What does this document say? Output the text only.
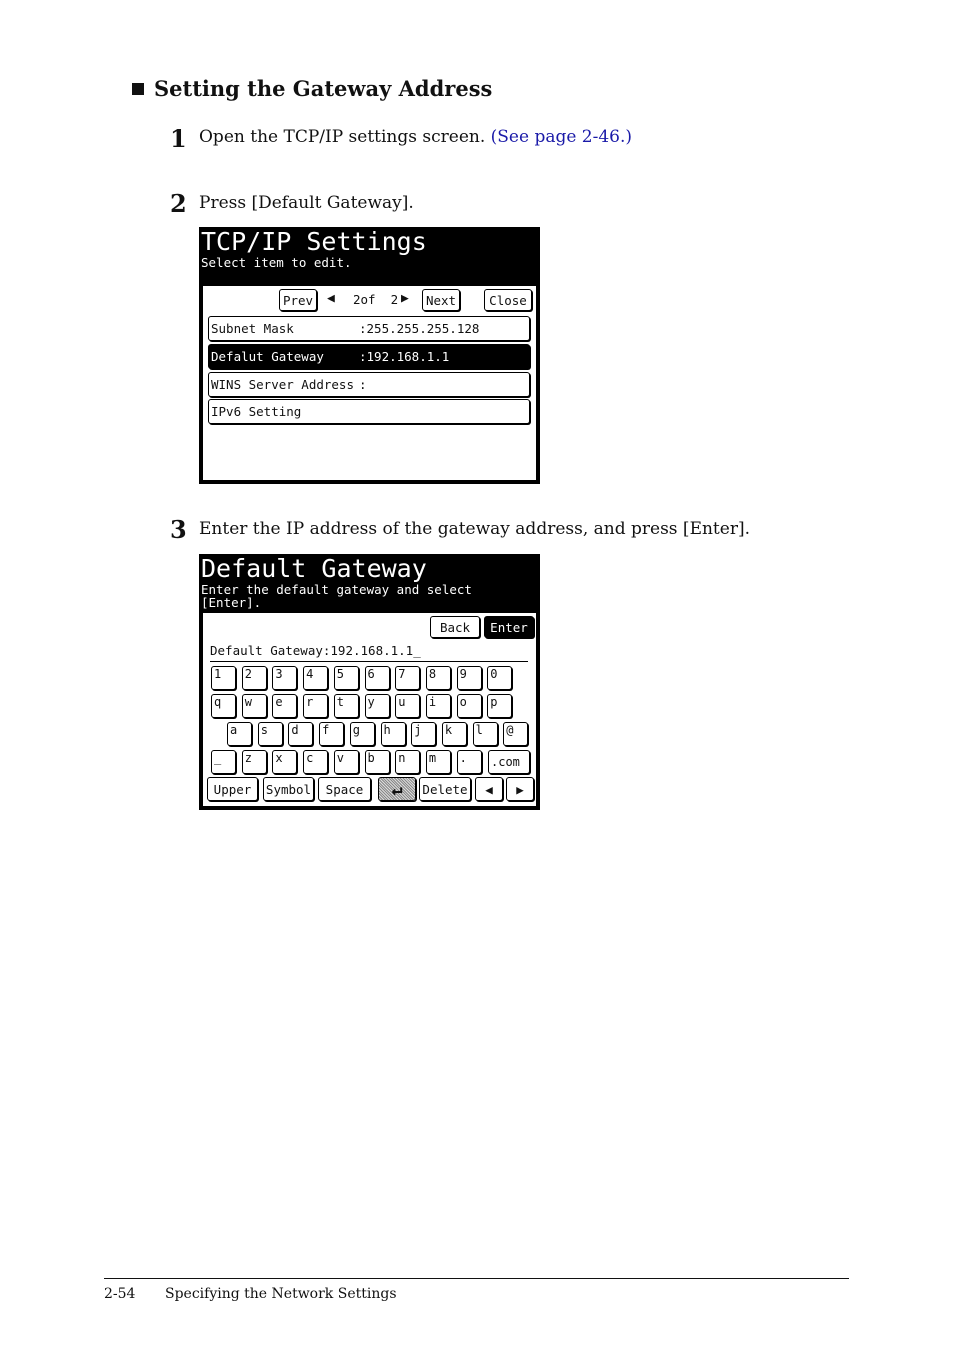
Setting the Gateway Address
1 Open the TCP/IP settings screen. (See page 2-46.)
2 Press [Default Gateway].
TCP/IP Settings
Select item to edit.
Prev	◀ 2of  2 ▶	Next	Close
Subnet Mask	:255.255.255.128
Defalut Gateway	:192.168.1.1
WINS Server Address :
IPv6 Setting
3 Enter the IP address of the gateway address, and press [Enter].
Default Gateway
Enter the default gateway and select [Enter].
Back	Enter
Default Gateway:192.168.1.1_
1	2	3	4	5	6	7	8	9	0
q	w	e	r	t	y	u	i	o	p
a	s	d	f	g	h	j	k	l	@
_	z	x	c	v	b	n	m	.	.com
Upper	Symbol	Space	↵ Delete ◀ ▶
2-54 Specifying the Network Settings
